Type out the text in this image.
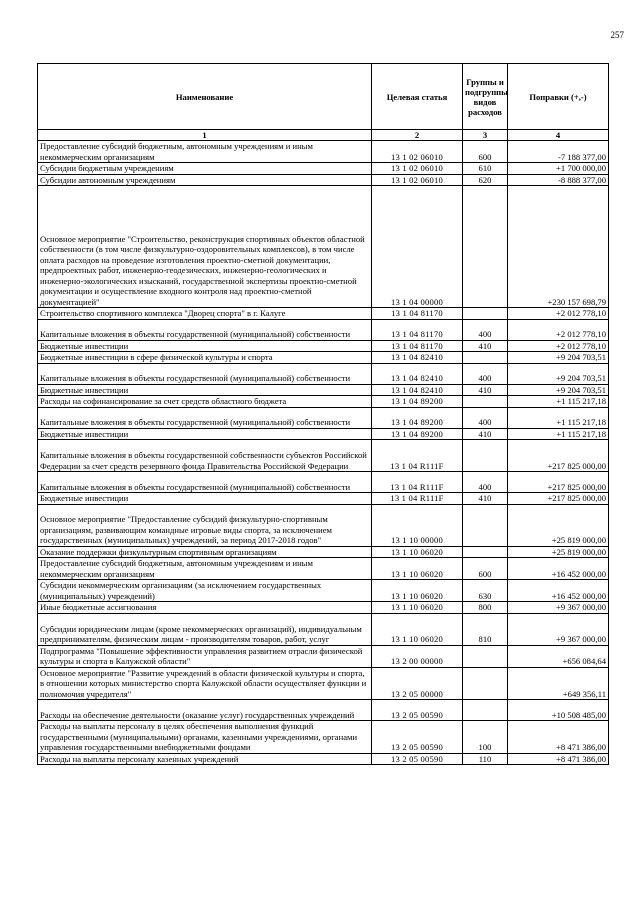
257
Наименование	Целевая статья	Группы и подгруппы видов расходов	Поправки (+,-)
1	2	3	4
Предоставление субсидий бюджетным, автономным учреждениям и иным некоммерческим организациям	13 1 02 06010	600	-7 188 377,00
Субсидии бюджетным учреждениям	13 1 02 06010	610	+1 700 000,00
Субсидии автономным учреждениям	13 1 02 06010	620	-8 888 377,00
Основное мероприятие "Строительство, реконструкция спортивных объектов областной собственности (в том числе физкультурно-оздоровительных комплексов), в том числе оплата расходов на проведение изготовления проектно-сметной документации, предпроектных работ, инженерно-геодезических, инженерно-геологических и инженерно-экологических изысканий, государственной экспертизы проектно-сметной документации и осуществление входного контроля над проектно-сметной документацией"	13 1 04 00000		+230 157 698,79
Строительство спортивного комплекса "Дворец спорта" в г. Калуге	13 1 04 81170		+2 012 778,10
Капитальные вложения в объекты государственной (муниципальной) собственности	13 1 04 81170	400	+2 012 778,10
Бюджетные инвестиции	13 1 04 81170	410	+2 012 778,10
Бюджетные инвестиции в сфере физической культуры и спорта	13 1 04 82410		+9 204 703,51
Капитальные вложения в объекты государственной (муниципальной) собственности	13 1 04 82410	400	+9 204 703,51
Бюджетные инвестиции	13 1 04 82410	410	+9 204 703,51
Расходы на софинансирование за счет средств областного бюджета	13 1 04 89200		+1 115 217,18
Капитальные вложения в объекты государственной (муниципальной) собственности	13 1 04 89200	400	+1 115 217,18
Бюджетные инвестиции	13 1 04 89200	410	+1 115 217,18
Капитальные вложения в объекты государственной собственности субъектов Российской Федерации за счет средств резервного фонда Правительства Российской Федерации	13 1 04 R111F		+217 825 000,00
Капитальные вложения в объекты государственной (муниципальной) собственности	13 1 04 R111F	400	+217 825 000,00
Бюджетные инвестиции	13 1 04 R111F	410	+217 825 000,00
Основное мероприятие "Предоставление субсидий физкультурно-спортивным организациям, развивающим командные игровые виды спорта, за исключением государственных (муниципальных) учреждений, за период 2017-2018 годов"	13 1 10 00000		+25 819 000,00
Оказание поддержки физкультурным спортивным организациям	13 1 10 06020		+25 819 000,00
Предоставление субсидий бюджетным, автономным учреждениям и иным некоммерческим организациям	13 1 10 06020	600	+16 452 000,00
Субсидии некоммерческим организациям (за исключением государственных (муниципальных) учреждений)	13 1 10 06020	630	+16 452 000,00
Иные бюджетные ассигнования	13 1 10 06020	800	+9 367 000,00
Субсидии юридическим лицам (кроме некоммерческих организаций), индивидуальным предпринимателям, физическим лицам - производителям товаров, работ, услуг	13 1 10 06020	810	+9 367 000,00
Подпрограмма "Повышение эффективности управления развитием отрасли физической культуры и спорта в Калужской области"	13 2 00 00000		+656 084,64
Основное мероприятие "Развитие учреждений в области физической культуры и спорта, в отношении которых министерство спорта Калужской области осуществляет функции и полномочия учредителя"	13 2 05 00000		+649 356,11
Расходы на обеспечение деятельности (оказание услуг) государственных учреждений	13 2 05 00590		+10 508 485,00
Расходы на выплаты персоналу в целях обеспечения выполнения функций государственными (муниципальными) органами, казенными учреждениями, органами управления государственными внебюджетными фондами	13 2 05 00590	100	+8 471 386,00
Расходы на выплаты персоналу казенных учреждений	13 2 05 00590	110	+8 471 386,00
